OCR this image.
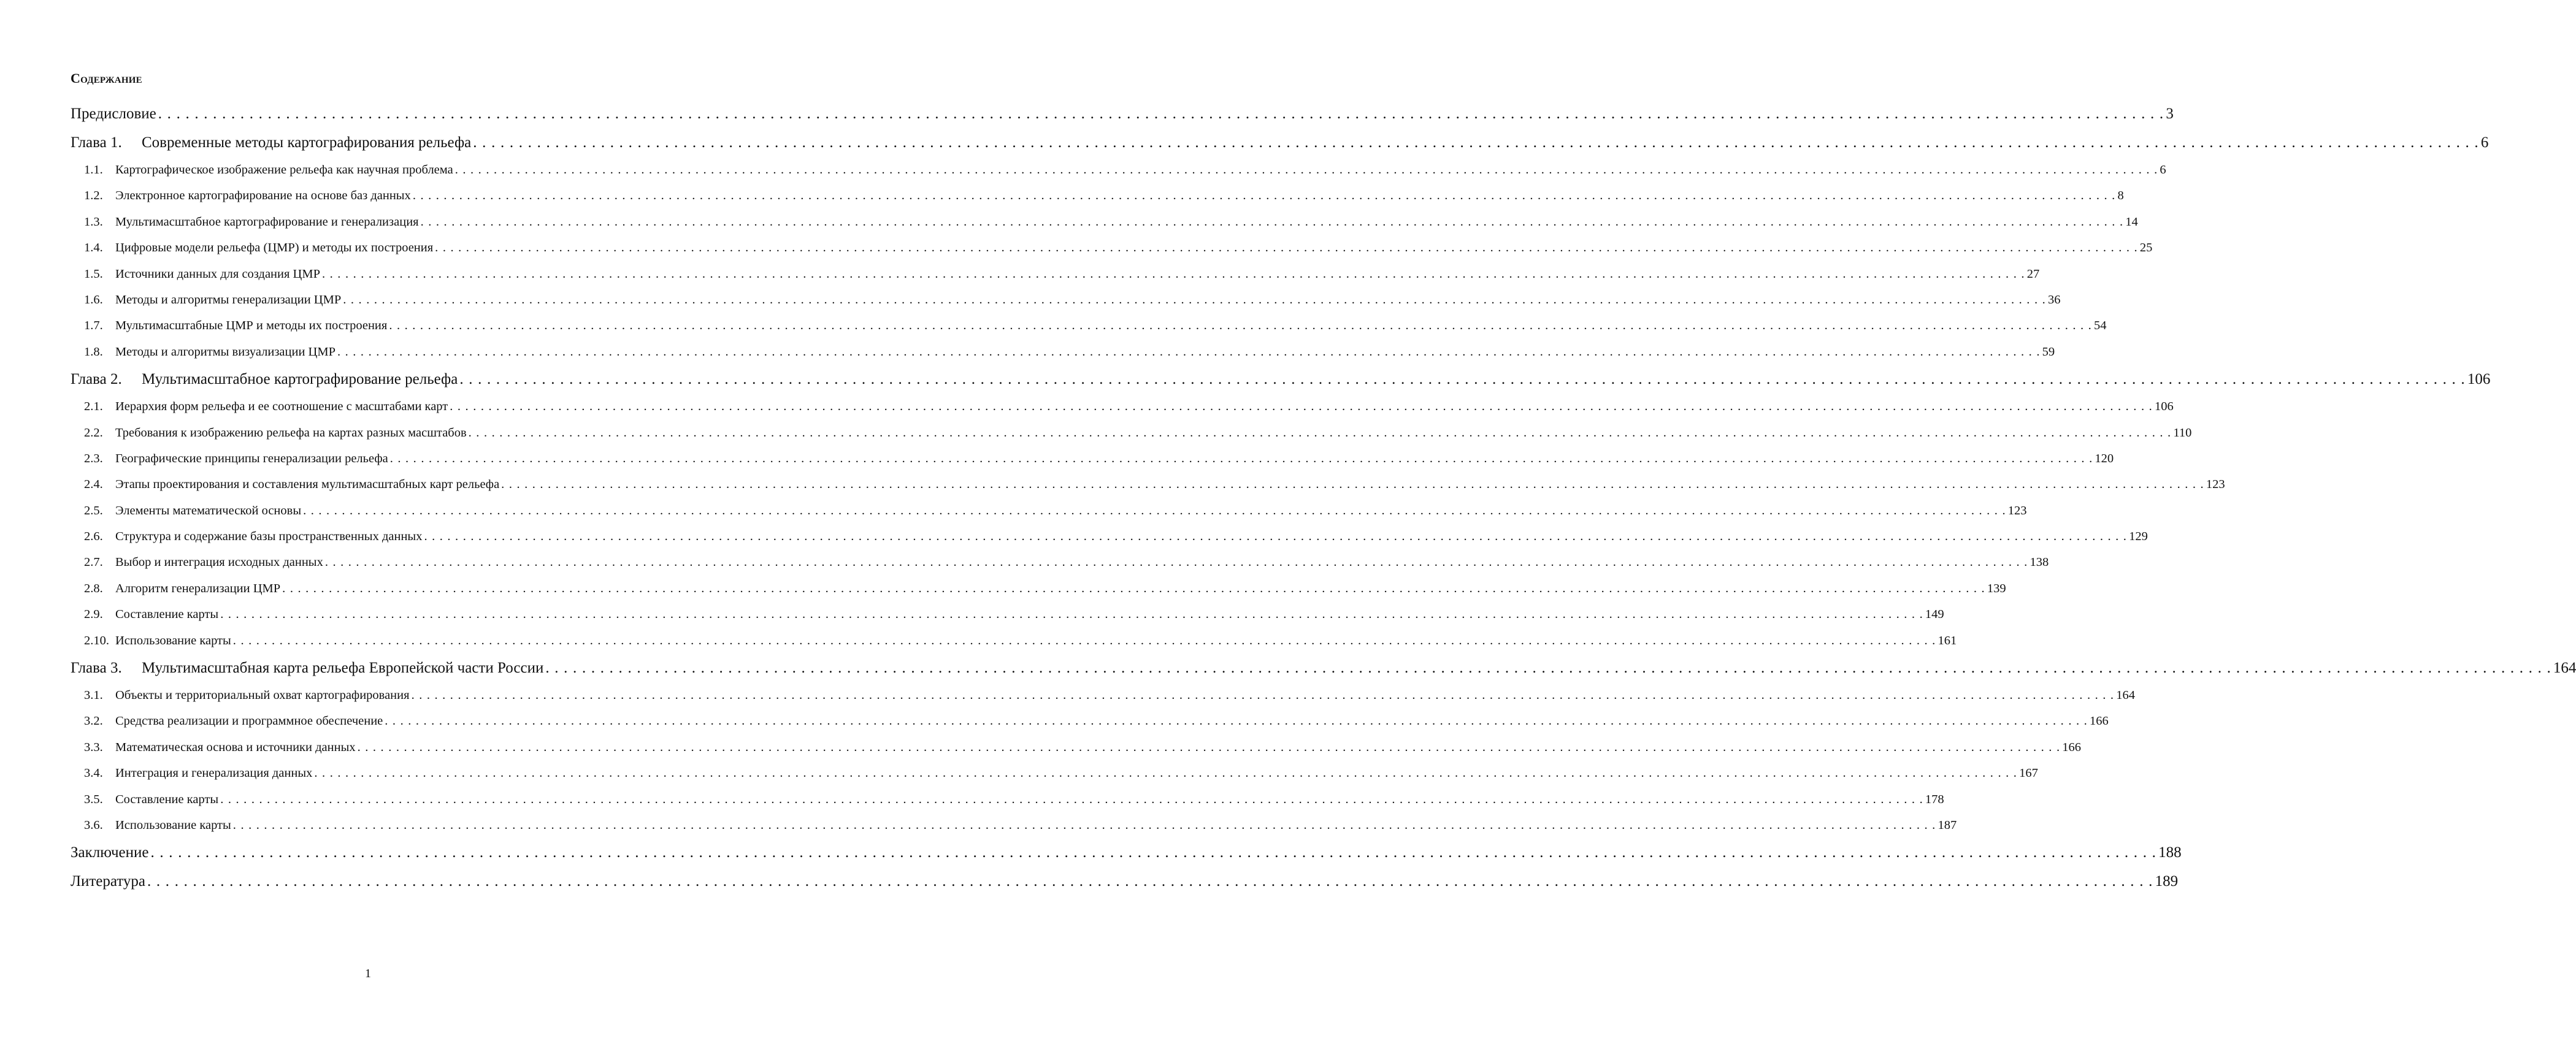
Содержание
Предисловие . . . . . . . . . . . . . . . . . . . . . . . . . . . . . . . . . . . . . . . . . . . . . . . . . . . . . . . . . . . . . . . . . . . . . . . . . . . . . . . . . . . . . . . . . . . . . . . . . . . . . . . . . . . . . . . . . . . . . . . . . . . . . . . . . . . . . . . . . . . . . . . . . . . . . . . . . . . . . . . . . . . . . . . . . . . . . . . . . . . . . . . . . . . . . . . . . . . . . . . . . . . . . . . . . . . . . . . . . . . . 3
Глава 1.	Современные методы картографирования рельефа . . . . . . . . . . . . . . . . . . . . . . . . . . . . . . . . . . . . . . . . . . . . . . . . . . . . . . . . . . . . . . . . . . . . . . . . . . . . . . . . . . . . . . . . . . . . . . . . . . . . . . . . . . . . . . . . . . . . . . . . . . . . . . . . . . . . . . . . . . . . . . . . . . . . . . . . . . . . . . . . . . . . . . . . . . . . . . . . . . . . . . . . . . . . . . . . . . . . . . . . . . . . . . . . . . . . . . . . . . . . 6
1.1. Картографическое изображение рельефа как научная проблема . . . . . . . . . . . . . . . . . . . . . . . . . . . . . . . . . . . . . . . . . . . . . . . . . . . . . . . . . . . . . . . . . . . . . . . . . . . . . . . . . . . . . . . . . . . . . . . . . . . . . . . . . . . . . . . . . . . . . . . . . . . . . . . . . . . . . . . . . . . . . . . . . . . . . . . . . . . . . . . . . . . . . . . . . . . . . . . . . . . . . . . . . . . . . . . . . . . . . . . . . . . . . . . . . . . . . . . . . . . . 6
1.2. Электронное картографирование на основе баз данных . . . . . . . . . . . . . . . . . . . . . . . . . . . . . . . . . . . . . . . . . . . . . . . . . . . . . . . . . . . . . . . . . . . . . . . . . . . . . . . . . . . . . . . . . . . . . . . . . . . . . . . . . . . . . . . . . . . . . . . . . . . . . . . . . . . . . . . . . . . . . . . . . . . . . . . . . . . . . . . . . . . . . . . . . . . . . . . . . . . . . . . . . . . . . . . . . . . . . . . . . . . . . . . . . . . . . . . . . . . . 8
1.3. Мультимасштабное картографирование и генерализация . . . . . . . . . . . . . . . . . . . . . . . . . . . . . . . . . . . . . . . . . . . . . . . . . . . . . . . . . . . . . . . . . . . . . . . . . . . . . . . . . . . . . . . . . . . . . . . . . . . . . . . . . . . . . . . . . . . . . . . . . . . . . . . . . . . . . . . . . . . . . . . . . . . . . . . . . . . . . . . . . . . . . . . . . . . . . . . . . . . . . . . . . . . . . . . . . . . . . . . . . . . . . . . . . . . . . . . . . . . . 14
1.4. Цифровые модели рельефа (ЦМР) и методы их построения . . . . . . . . . . . . . . . . . . . . . . . . . . . . . . . . . . . . . . . . . . . . . . . . . . . . . . . . . . . . . . . . . . . . . . . . . . . . . . . . . . . . . . . . . . . . . . . . . . . . . . . . . . . . . . . . . . . . . . . . . . . . . . . . . . . . . . . . . . . . . . . . . . . . . . . . . . . . . . . . . . . . . . . . . . . . . . . . . . . . . . . . . . . . . . . . . . . . . . . . . . . . . . . . . . . . . . . . . . . . 25
1.5. Источники данных для создания ЦМР . . . . . . . . . . . . . . . . . . . . . . . . . . . . . . . . . . . . . . . . . . . . . . . . . . . . . . . . . . . . . . . . . . . . . . . . . . . . . . . . . . . . . . . . . . . . . . . . . . . . . . . . . . . . . . . . . . . . . . . . . . . . . . . . . . . . . . . . . . . . . . . . . . . . . . . . . . . . . . . . . . . . . . . . . . . . . . . . . . . . . . . . . . . . . . . . . . . . . . . . . . . . . . . . . . . . . . . . . . . . 27
1.6. Методы и алгоритмы генерализации ЦМР . . . . . . . . . . . . . . . . . . . . . . . . . . . . . . . . . . . . . . . . . . . . . . . . . . . . . . . . . . . . . . . . . . . . . . . . . . . . . . . . . . . . . . . . . . . . . . . . . . . . . . . . . . . . . . . . . . . . . . . . . . . . . . . . . . . . . . . . . . . . . . . . . . . . . . . . . . . . . . . . . . . . . . . . . . . . . . . . . . . . . . . . . . . . . . . . . . . . . . . . . . . . . . . . . . . . . . . . . . . . 36
1.7. Мультимасштабные ЦМР и методы их построения . . . . . . . . . . . . . . . . . . . . . . . . . . . . . . . . . . . . . . . . . . . . . . . . . . . . . . . . . . . . . . . . . . . . . . . . . . . . . . . . . . . . . . . . . . . . . . . . . . . . . . . . . . . . . . . . . . . . . . . . . . . . . . . . . . . . . . . . . . . . . . . . . . . . . . . . . . . . . . . . . . . . . . . . . . . . . . . . . . . . . . . . . . . . . . . . . . . . . . . . . . . . . . . . . . . . . . . . . . . . 54
1.8. Методы и алгоритмы визуализации ЦМР . . . . . . . . . . . . . . . . . . . . . . . . . . . . . . . . . . . . . . . . . . . . . . . . . . . . . . . . . . . . . . . . . . . . . . . . . . . . . . . . . . . . . . . . . . . . . . . . . . . . . . . . . . . . . . . . . . . . . . . . . . . . . . . . . . . . . . . . . . . . . . . . . . . . . . . . . . . . . . . . . . . . . . . . . . . . . . . . . . . . . . . . . . . . . . . . . . . . . . . . . . . . . . . . . . . . . . . . . . . . 59
Глава 2.	Мультимасштабное картографирование рельефа . . . . . . . . . . . . . . . . . . . . . . . . . . . . . . . . . . . . . . . . . . . . . . . . . . . . . . . . . . . . . . . . . . . . . . . . . . . . . . . . . . . . . . . . . . . . . . . . . . . . . . . . . . . . . . . . . . . . . . . . . . . . . . . . . . . . . . . . . . . . . . . . . . . . . . . . . . . . . . . . . . . . . . . . . . . . . . . . . . . . . . . . . . . . . . . . . . . . . . . . . . . . . . . . . . . . . . . . . . . . 106
2.1. Иерархия форм рельефа и ее соотношение с масштабами карт . . . . . . . . . . . . . . . . . . . . . . . . . . . . . . . . . . . . . . . . . . . . . . . . . . . . . . . . . . . . . . . . . . . . . . . . . . . . . . . . . . . . . . . . . . . . . . . . . . . . . . . . . . . . . . . . . . . . . . . . . . . . . . . . . . . . . . . . . . . . . . . . . . . . . . . . . . . . . . . . . . . . . . . . . . . . . . . . . . . . . . . . . . . . . . . . . . . . . . . . . . . . . . . . . . . . . . . . . . . . 106
2.2. Требования к изображению рельефа на картах разных масштабов . . . . . . . . . . . . . . . . . . . . . . . . . . . . . . . . . . . . . . . . . . . . . . . . . . . . . . . . . . . . . . . . . . . . . . . . . . . . . . . . . . . . . . . . . . . . . . . . . . . . . . . . . . . . . . . . . . . . . . . . . . . . . . . . . . . . . . . . . . . . . . . . . . . . . . . . . . . . . . . . . . . . . . . . . . . . . . . . . . . . . . . . . . . . . . . . . . . . . . . . . . . . . . . . . . . . . . . . . . . . 110
2.3. Географические принципы генерализации рельефа . . . . . . . . . . . . . . . . . . . . . . . . . . . . . . . . . . . . . . . . . . . . . . . . . . . . . . . . . . . . . . . . . . . . . . . . . . . . . . . . . . . . . . . . . . . . . . . . . . . . . . . . . . . . . . . . . . . . . . . . . . . . . . . . . . . . . . . . . . . . . . . . . . . . . . . . . . . . . . . . . . . . . . . . . . . . . . . . . . . . . . . . . . . . . . . . . . . . . . . . . . . . . . . . . . . . . . . . . . . . 120
2.4. Этапы проектирования и составления мультимасштабных карт рельефа . . . . . . . . . . . . . . . . . . . . . . . . . . . . . . . . . . . . . . . . . . . . . . . . . . . . . . . . . . . . . . . . . . . . . . . . . . . . . . . . . . . . . . . . . . . . . . . . . . . . . . . . . . . . . . . . . . . . . . . . . . . . . . . . . . . . . . . . . . . . . . . . . . . . . . . . . . . . . . . . . . . . . . . . . . . . . . . . . . . . . . . . . . . . . . . . . . . . . . . . . . . . . . . . . . . . . . . . . . . . 123
2.5. Элементы математической основы . . . . . . . . . . . . . . . . . . . . . . . . . . . . . . . . . . . . . . . . . . . . . . . . . . . . . . . . . . . . . . . . . . . . . . . . . . . . . . . . . . . . . . . . . . . . . . . . . . . . . . . . . . . . . . . . . . . . . . . . . . . . . . . . . . . . . . . . . . . . . . . . . . . . . . . . . . . . . . . . . . . . . . . . . . . . . . . . . . . . . . . . . . . . . . . . . . . . . . . . . . . . . . . . . . . . . . . . . . . . 123
2.6. Структура и содержание базы пространственных данных . . . . . . . . . . . . . . . . . . . . . . . . . . . . . . . . . . . . . . . . . . . . . . . . . . . . . . . . . . . . . . . . . . . . . . . . . . . . . . . . . . . . . . . . . . . . . . . . . . . . . . . . . . . . . . . . . . . . . . . . . . . . . . . . . . . . . . . . . . . . . . . . . . . . . . . . . . . . . . . . . . . . . . . . . . . . . . . . . . . . . . . . . . . . . . . . . . . . . . . . . . . . . . . . . . . . . . . . . . . . 129
2.7. Выбор и интеграция исходных данных . . . . . . . . . . . . . . . . . . . . . . . . . . . . . . . . . . . . . . . . . . . . . . . . . . . . . . . . . . . . . . . . . . . . . . . . . . . . . . . . . . . . . . . . . . . . . . . . . . . . . . . . . . . . . . . . . . . . . . . . . . . . . . . . . . . . . . . . . . . . . . . . . . . . . . . . . . . . . . . . . . . . . . . . . . . . . . . . . . . . . . . . . . . . . . . . . . . . . . . . . . . . . . . . . . . . . . . . . . . . 138
2.8. Алгоритм генерализации ЦМР . . . . . . . . . . . . . . . . . . . . . . . . . . . . . . . . . . . . . . . . . . . . . . . . . . . . . . . . . . . . . . . . . . . . . . . . . . . . . . . . . . . . . . . . . . . . . . . . . . . . . . . . . . . . . . . . . . . . . . . . . . . . . . . . . . . . . . . . . . . . . . . . . . . . . . . . . . . . . . . . . . . . . . . . . . . . . . . . . . . . . . . . . . . . . . . . . . . . . . . . . . . . . . . . . . . . . . . . . . . . 139
2.9. Составление карты . . . . . . . . . . . . . . . . . . . . . . . . . . . . . . . . . . . . . . . . . . . . . . . . . . . . . . . . . . . . . . . . . . . . . . . . . . . . . . . . . . . . . . . . . . . . . . . . . . . . . . . . . . . . . . . . . . . . . . . . . . . . . . . . . . . . . . . . . . . . . . . . . . . . . . . . . . . . . . . . . . . . . . . . . . . . . . . . . . . . . . . . . . . . . . . . . . . . . . . . . . . . . . . . . . . . . . . . . . . . 149
2.10. Использование карты . . . . . . . . . . . . . . . . . . . . . . . . . . . . . . . . . . . . . . . . . . . . . . . . . . . . . . . . . . . . . . . . . . . . . . . . . . . . . . . . . . . . . . . . . . . . . . . . . . . . . . . . . . . . . . . . . . . . . . . . . . . . . . . . . . . . . . . . . . . . . . . . . . . . . . . . . . . . . . . . . . . . . . . . . . . . . . . . . . . . . . . . . . . . . . . . . . . . . . . . . . . . . . . . . . . . . . . . . . . . 161
Глава 3.	Мультимасштабная карта рельефа Европейской части России . . . . . . . . . . . . . . . . . . . . . . . . . . . . . . . . . . . . . . . . . . . . . . . . . . . . . . . . . . . . . . . . . . . . . . . . . . . . . . . . . . . . . . . . . . . . . . . . . . . . . . . . . . . . . . . . . . . . . . . . . . . . . . . . . . . . . . . . . . . . . . . . . . . . . . . . . . . . . . . . . . . . . . . . . . . . . . . . . . . . . . . . . . . . . . . . . . . . . . . . . . . . . . . . . . . . . . . . . . . . 164
3.1. Объекты и территориальный охват картографирования . . . . . . . . . . . . . . . . . . . . . . . . . . . . . . . . . . . . . . . . . . . . . . . . . . . . . . . . . . . . . . . . . . . . . . . . . . . . . . . . . . . . . . . . . . . . . . . . . . . . . . . . . . . . . . . . . . . . . . . . . . . . . . . . . . . . . . . . . . . . . . . . . . . . . . . . . . . . . . . . . . . . . . . . . . . . . . . . . . . . . . . . . . . . . . . . . . . . . . . . . . . . . . . . . . . . . . . . . . . . 164
3.2. Средства реализации и программное обеспечение . . . . . . . . . . . . . . . . . . . . . . . . . . . . . . . . . . . . . . . . . . . . . . . . . . . . . . . . . . . . . . . . . . . . . . . . . . . . . . . . . . . . . . . . . . . . . . . . . . . . . . . . . . . . . . . . . . . . . . . . . . . . . . . . . . . . . . . . . . . . . . . . . . . . . . . . . . . . . . . . . . . . . . . . . . . . . . . . . . . . . . . . . . . . . . . . . . . . . . . . . . . . . . . . . . . . . . . . . . . . 166
3.3. Математическая основа и источники данных . . . . . . . . . . . . . . . . . . . . . . . . . . . . . . . . . . . . . . . . . . . . . . . . . . . . . . . . . . . . . . . . . . . . . . . . . . . . . . . . . . . . . . . . . . . . . . . . . . . . . . . . . . . . . . . . . . . . . . . . . . . . . . . . . . . . . . . . . . . . . . . . . . . . . . . . . . . . . . . . . . . . . . . . . . . . . . . . . . . . . . . . . . . . . . . . . . . . . . . . . . . . . . . . . . . . . . . . . . . . 166
3.4. Интеграция и генерализация данных . . . . . . . . . . . . . . . . . . . . . . . . . . . . . . . . . . . . . . . . . . . . . . . . . . . . . . . . . . . . . . . . . . . . . . . . . . . . . . . . . . . . . . . . . . . . . . . . . . . . . . . . . . . . . . . . . . . . . . . . . . . . . . . . . . . . . . . . . . . . . . . . . . . . . . . . . . . . . . . . . . . . . . . . . . . . . . . . . . . . . . . . . . . . . . . . . . . . . . . . . . . . . . . . . . . . . . . . . . . . 167
3.5. Составление карты . . . . . . . . . . . . . . . . . . . . . . . . . . . . . . . . . . . . . . . . . . . . . . . . . . . . . . . . . . . . . . . . . . . . . . . . . . . . . . . . . . . . . . . . . . . . . . . . . . . . . . . . . . . . . . . . . . . . . . . . . . . . . . . . . . . . . . . . . . . . . . . . . . . . . . . . . . . . . . . . . . . . . . . . . . . . . . . . . . . . . . . . . . . . . . . . . . . . . . . . . . . . . . . . . . . . . . . . . . . . 178
3.6. Использование карты . . . . . . . . . . . . . . . . . . . . . . . . . . . . . . . . . . . . . . . . . . . . . . . . . . . . . . . . . . . . . . . . . . . . . . . . . . . . . . . . . . . . . . . . . . . . . . . . . . . . . . . . . . . . . . . . . . . . . . . . . . . . . . . . . . . . . . . . . . . . . . . . . . . . . . . . . . . . . . . . . . . . . . . . . . . . . . . . . . . . . . . . . . . . . . . . . . . . . . . . . . . . . . . . . . . . . . . . . . . . 187
Заключение . . . . . . . . . . . . . . . . . . . . . . . . . . . . . . . . . . . . . . . . . . . . . . . . . . . . . . . . . . . . . . . . . . . . . . . . . . . . . . . . . . . . . . . . . . . . . . . . . . . . . . . . . . . . . . . . . . . . . . . . . . . . . . . . . . . . . . . . . . . . . . . . . . . . . . . . . . . . . . . . . . . . . . . . . . . . . . . . . . . . . . . . . . . . . . . . . . . . . . . . . . . . . . . . . . . . . . . . . . . . 188
Литература . . . . . . . . . . . . . . . . . . . . . . . . . . . . . . . . . . . . . . . . . . . . . . . . . . . . . . . . . . . . . . . . . . . . . . . . . . . . . . . . . . . . . . . . . . . . . . . . . . . . . . . . . . . . . . . . . . . . . . . . . . . . . . . . . . . . . . . . . . . . . . . . . . . . . . . . . . . . . . . . . . . . . . . . . . . . . . . . . . . . . . . . . . . . . . . . . . . . . . . . . . . . . . . . . . . . . . . . . . . . 189
1
